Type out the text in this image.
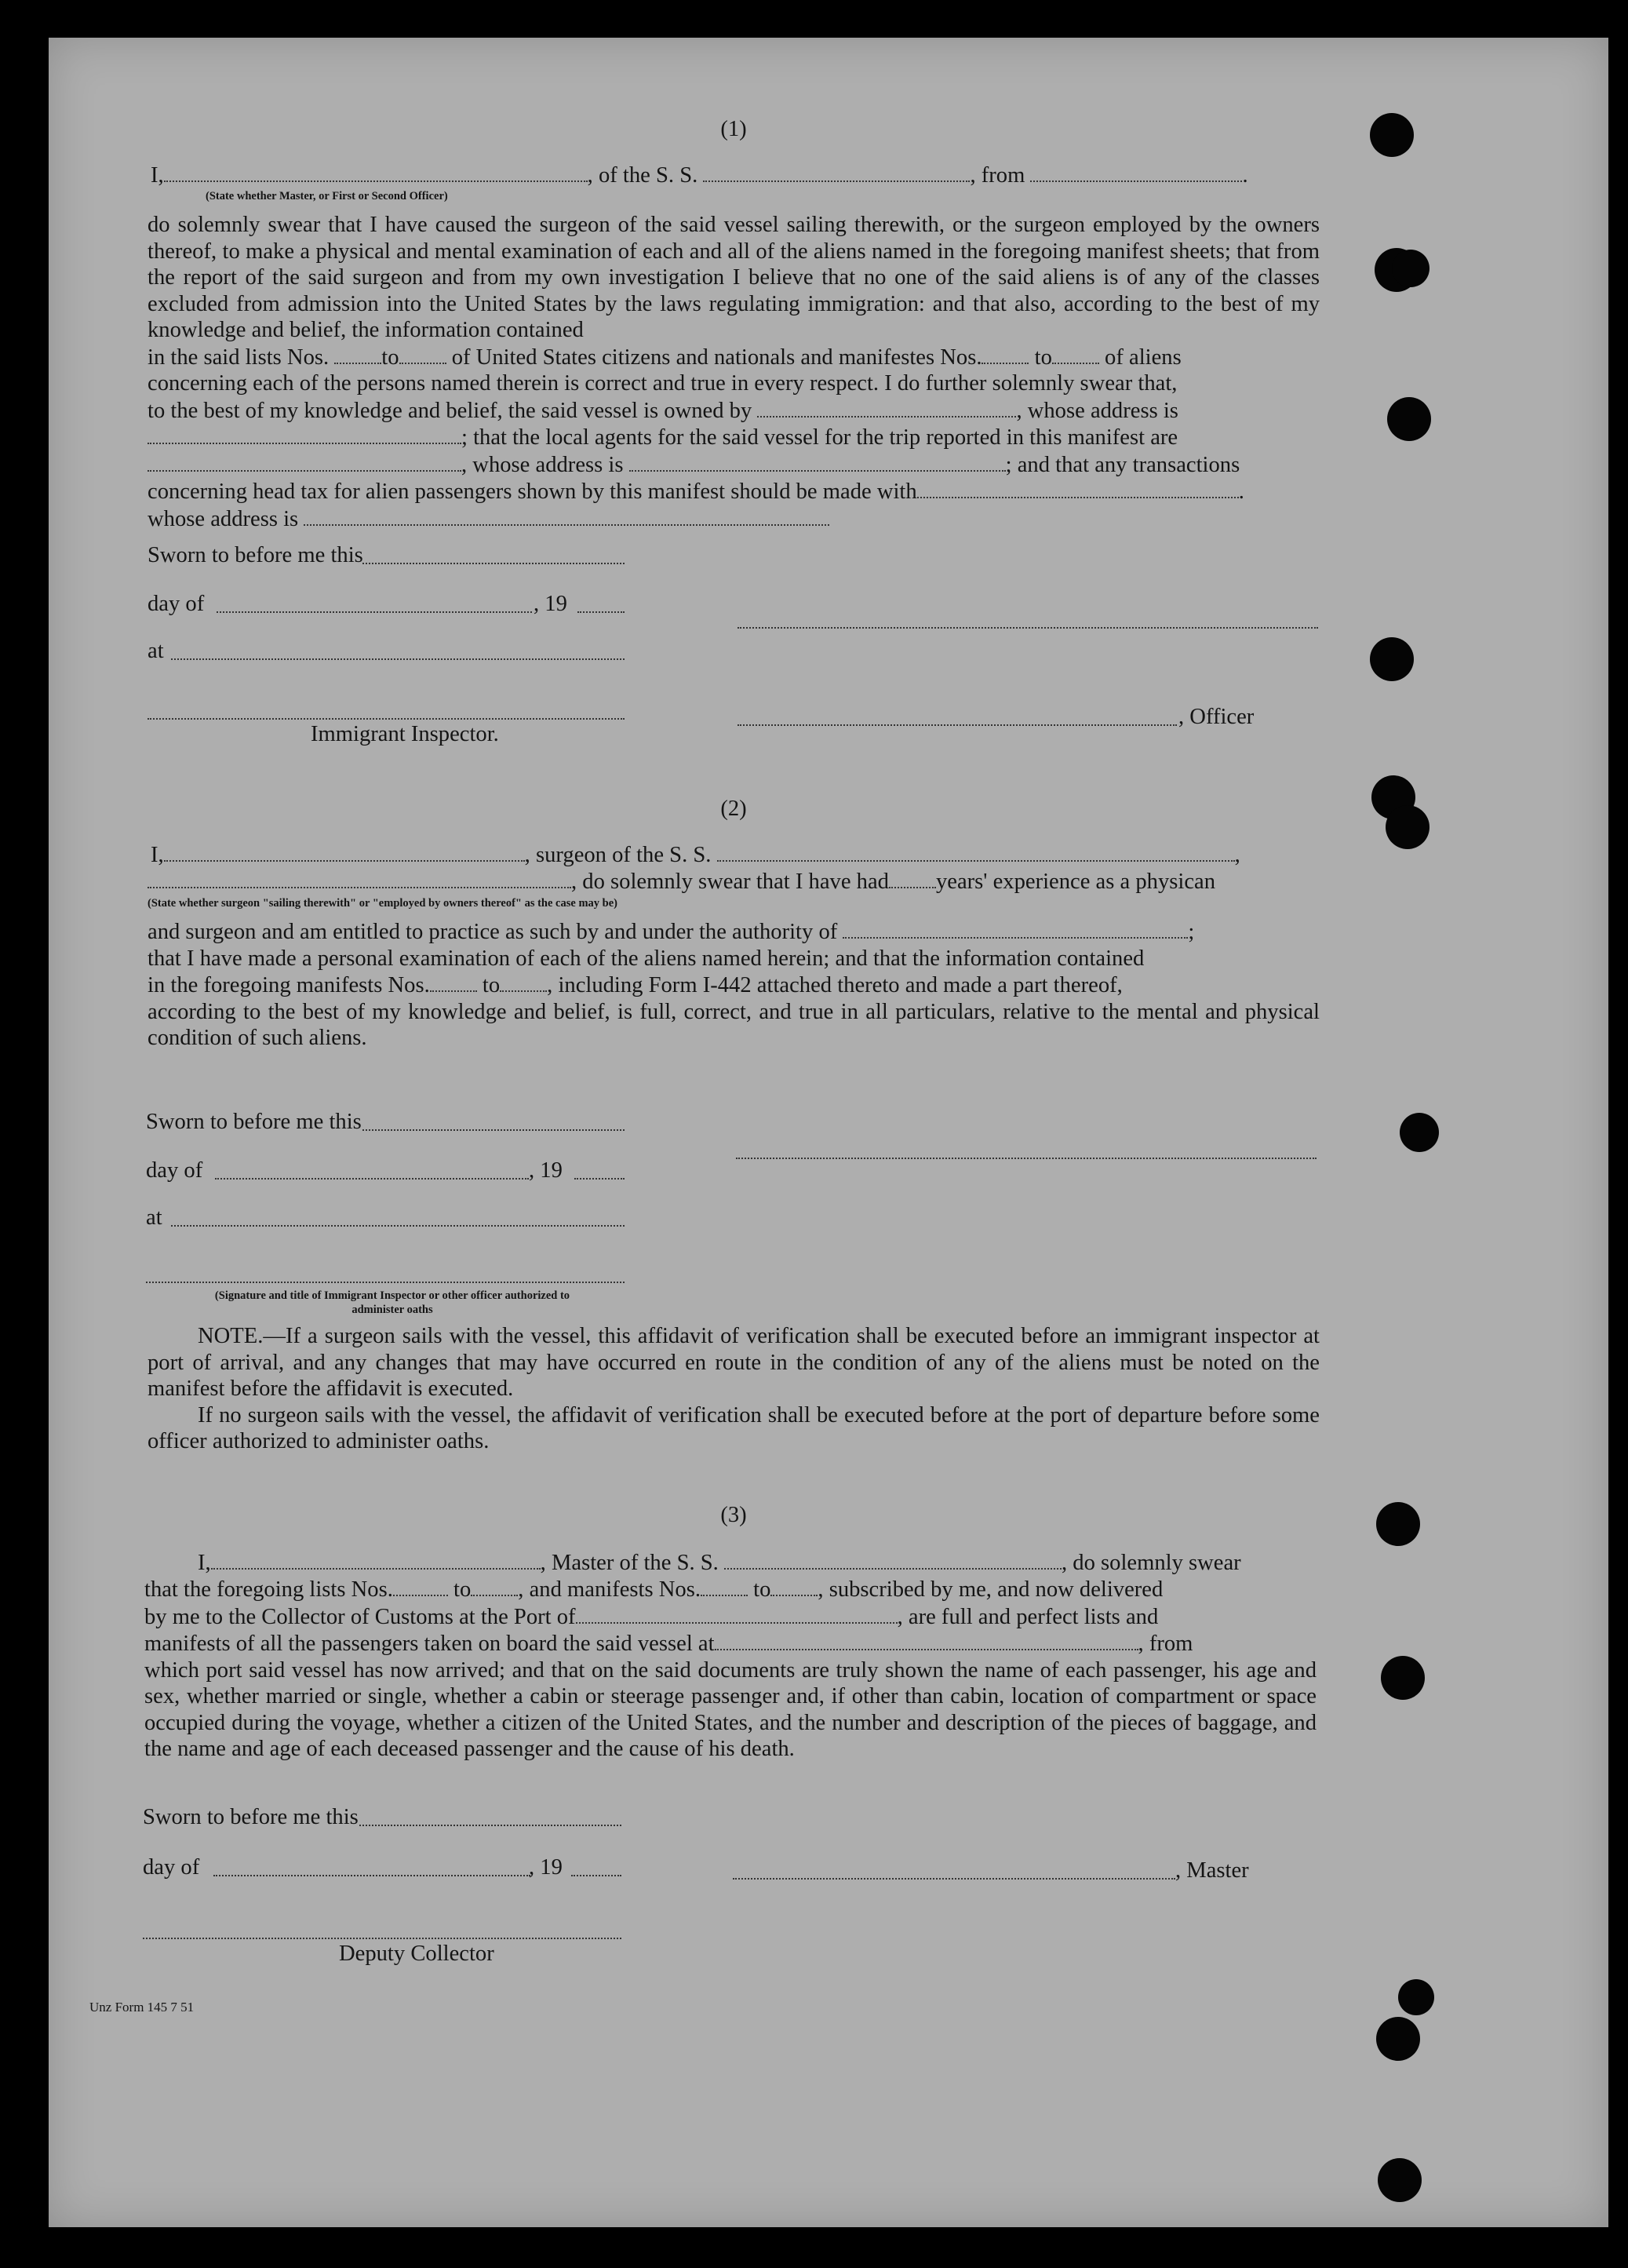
(1)
I,	, of the S. S.	, from	.
(State whether Master, or First or Second Officer)

do solemnly swear that I have caused the surgeon of the said vessel sailing therewith, or the surgeon employed by the owners thereof, to make a physical and mental examination of each and all of the aliens named in the foregoing manifest sheets; that from the report of the said surgeon and from my own investigation I believe that no one of the said aliens is of any of the classes excluded from admission into the United States by the laws regulating immigration: and that also, according to the best of my knowledge and belief, the information contained

in the said lists Nos. to of United States citizens and nationals and manifestes Nos. to of aliens

concerning each of the persons named therein is correct and true in every respect. I do further solemnly swear that,

to the best of my knowledge and belief, the said vessel is owned by	, whose address is

; that the local agents for the said vessel for the trip reported in this manifest are

, whose address is	; and that any transactions

concerning head tax for alien passengers shown by this manifest should be made with	.

whose address is

Sworn to before me this
day of	, 19
at
, Officer
Immigrant Inspector.
(2)
I,	, surgeon of the S. S.	,
, do solemnly swear that I have had years' experience as a physican
(State whether surgeon "sailing therewith" or "employed by owners thereof" as the case may be)

and surgeon and am entitled to practice as such by and under the authority of	;

that I have made a personal examination of each of the aliens named herein; and that the information contained

in the foregoing manifests Nos. to , including Form I-442 attached thereto and made a part thereof,

according to the best of my knowledge and belief, is full, correct, and true in all particulars, relative to the mental and physical condition of such aliens.

Sworn to before me this
day of	, 19
at
(Signature and title of Immigrant Inspector or other officer authorized to administer oaths

NOTE.—If a surgeon sails with the vessel, this affidavit of verification shall be executed before an immigrant inspector at port of arrival, and any changes that may have occurred en route in the condition of any of the aliens must be noted on the manifest before the affidavit is executed.

If no surgeon sails with the vessel, the affidavit of verification shall be executed before at the port of departure before some officer authorized to administer oaths.

(3)
I,	, Master of the S. S.	, do solemnly swear

that the foregoing lists Nos.	to , and manifests Nos. to , subscribed by me, and now delivered

by me to the Collector of Customs at the Port of	, are full and perfect lists and

manifests of all the passengers taken on board the said vessel at	, from

which port said vessel has now arrived; and that on the said documents are truly shown the name of each passenger, his age and sex, whether married or single, whether a cabin or steerage passenger and, if other than cabin, location of compartment or space occupied during the voyage, whether a citizen of the United States, and the number and description of the pieces of baggage, and the name and age of each deceased passenger and the cause of his death.

Sworn to before me this
day of	, 19	, Master
Deputy Collector
Unz Form 145 7 51
